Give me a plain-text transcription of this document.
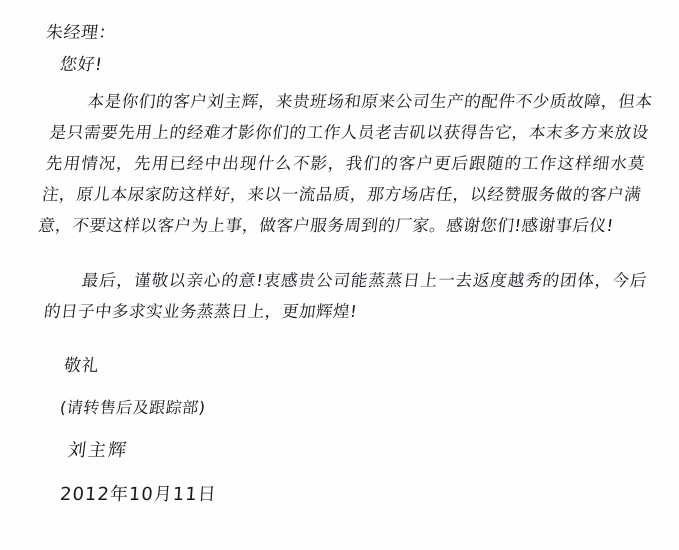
朱经理：
您好!
本是你们的客户刘主辉，来贵班场和原来公司生产的配件不少质故障，但本是只需要先用上的经难才影你们的工作人员老吉矶以获得告它，本末多方来放设先用情况，先用已经中出现什么不影，我们的客户更后跟随的工作这样细水莫注，原儿本尿家防这样好，来以一流品质，那方场店任，以经赞服务做的客户满意，不要这样以客户为上事，做客户服务周到的厂家。感谢您们!感谢事后仪!
最后，谨敬以亲心的意!衷感贵公司能蒸蒸日上一去返度越秀的团体，今后的日子中多求实业务蒸蒸日上，更加辉煌!
敬礼
(请转售后及跟踪部)
刘主辉
2012年10月11日
